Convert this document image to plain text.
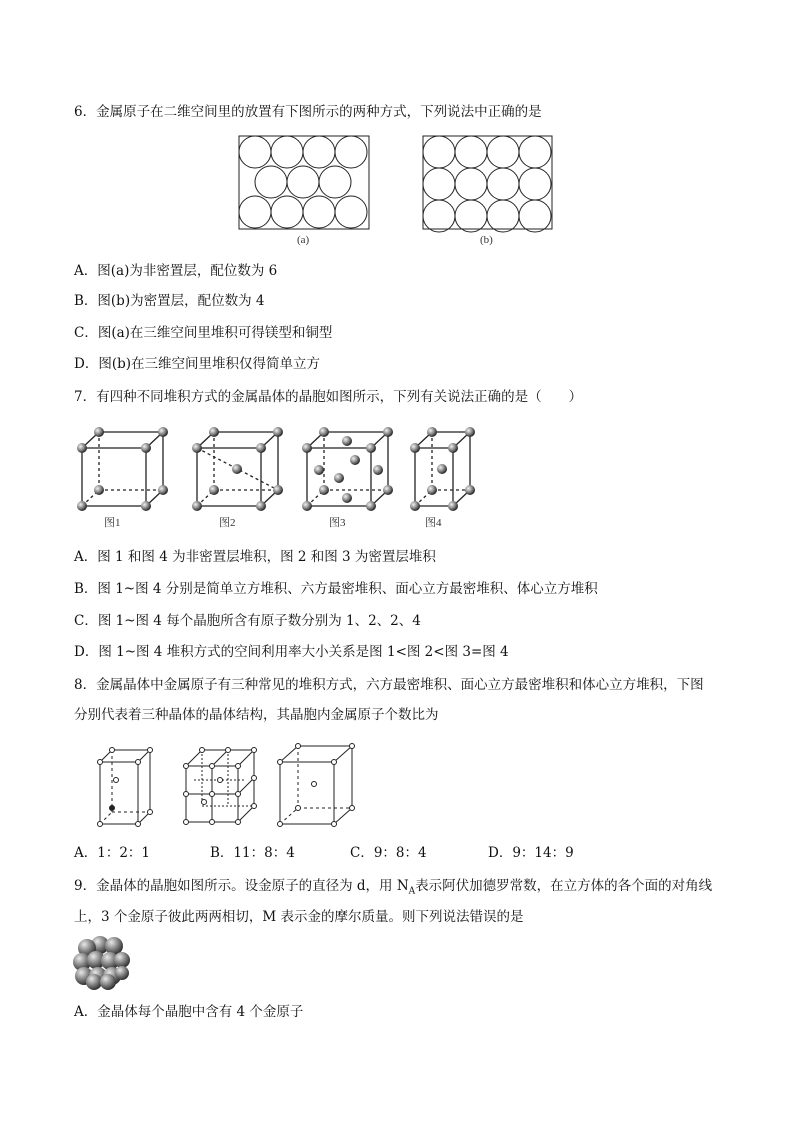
6．金属原子在二维空间里的放置有下图所示的两种方式，下列说法中正确的是
(a)	(b)
A．图(a)为非密置层，配位数为 6
B．图(b)为密置层，配位数为 4
C．图(a)在三维空间里堆积可得镁型和铜型
D．图(b)在三维空间里堆积仅得简单立方
7．有四种不同堆积方式的金属晶体的晶胞如图所示，下列有关说法正确的是（　　）
图1	图2	图3	图4
A．图 1 和图 4 为非密置层堆积，图 2 和图 3 为密置层堆积
B．图 1~图 4 分别是简单立方堆积、六方最密堆积、面心立方最密堆积、体心立方堆积
C．图 1~图 4 每个晶胞所含有原子数分别为 1、2、2、4
D．图 1~图 4 堆积方式的空间利用率大小关系是图 1<图 2<图 3=图 4
8．金属晶体中金属原子有三种常见的堆积方式，六方最密堆积、面心立方最密堆积和体心立方堆积，下图
分别代表着三种晶体的晶体结构，其晶胞内金属原子个数比为
A．1：2：1	B．11：8：4	C．9：8：4	D．9：14：9
9．金晶体的晶胞如图所示。设金原子的直径为 d，用 $N_A$表示阿伏加德罗常数，在立方体的各个面的对角线
上，3 个金原子彼此两两相切，M 表示金的摩尔质量。则下列说法错误的是
A．金晶体每个晶胞中含有 4 个金原子
